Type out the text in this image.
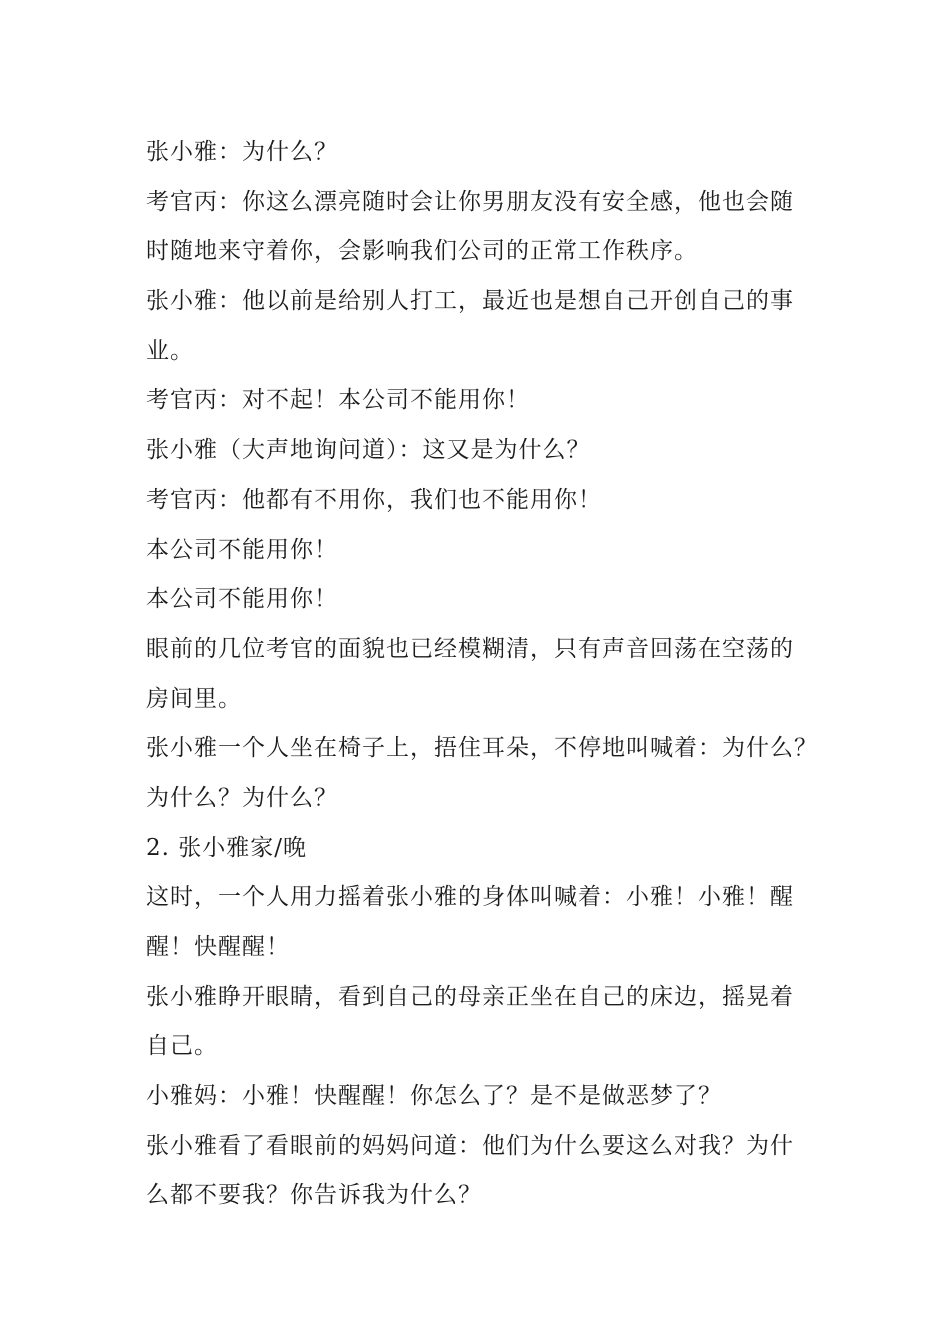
张小雅：为什么？
考官丙：你这么漂亮随时会让你男朋友没有安全感，他也会随
时随地来守着你，会影响我们公司的正常工作秩序。
张小雅：他以前是给别人打工，最近也是想自己开创自己的事
业。
考官丙：对不起！本公司不能用你！
张小雅（大声地询问道）：这又是为什么？
考官丙：他都有不用你，我们也不能用你！
本公司不能用你！
本公司不能用你！
眼前的几位考官的面貌也已经模糊清，只有声音回荡在空荡的
房间里。
张小雅一个人坐在椅子上，捂住耳朵，不停地叫喊着：为什么？
为什么？为什么？
2. 张小雅家/晚
这时，一个人用力摇着张小雅的身体叫喊着：小雅！小雅！醒
醒！快醒醒！
张小雅睁开眼睛，看到自己的母亲正坐在自己的床边，摇晃着
自己。
小雅妈：小雅！快醒醒！你怎么了？是不是做恶梦了？
张小雅看了看眼前的妈妈问道：他们为什么要这么对我？为什
么都不要我？你告诉我为什么？
